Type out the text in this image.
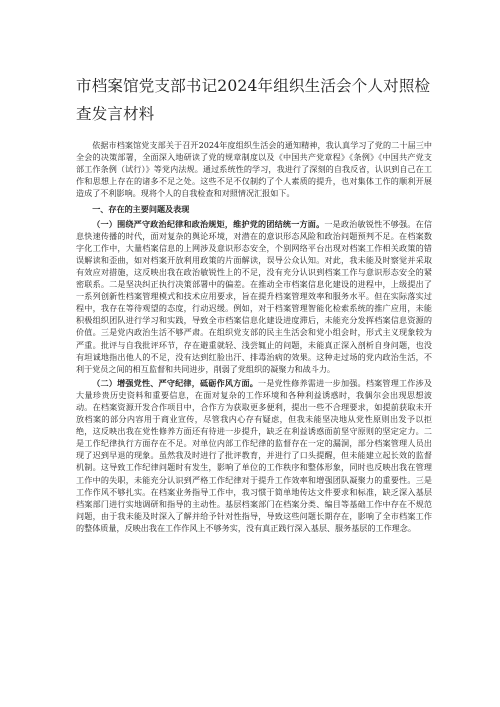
市档案馆党支部书记2024年组织生活会个人对照检查发言材料

依据市档案馆党支部关于召开2024年度组织生活会的通知精神，我认真学习了党的二十届三中全会的决策部署，全面深入地研读了党的规章制度以及《中国共产党章程》《条例》《中国共产党支部工作条例（试行）》等党内法规。通过系统性的学习，我进行了深刻的自我反省，认识到自己在工作和思想上存在的诸多不足之处。这些不足不仅制约了个人素质的提升，也对集体工作的顺利开展造成了不利影响。现将个人的自我检查和对照情况汇报如下。

一、存在的主要问题及表现

（一）围绕严守政治纪律和政治规矩，维护党的团结统一方面。一是政治敏锐性不够强。在信息快速传播的时代，面对复杂的舆论环境，对潜在的意识形态风险和政治问题预判不足。在档案数字化工作中，大量档案信息的上网涉及意识形态安全，个别网络平台出现对档案工作相关政策的错误解读和歪曲，如对档案开放利用政策的片面解读，误导公众认知。对此，我未能及时察觉并采取有效应对措施，这反映出我在政治敏锐性上的不足，没有充分认识到档案工作与意识形态安全的紧密联系。二是坚决纠正执行决策部署中的偏差。在推动全市档案信息化建设的进程中，上级提出了一系列创新性档案管理模式和技术应用要求，旨在提升档案管理效率和服务水平。但在实际落实过程中，我存在等待观望的态度，行动迟缓。例如，对于档案管理智能化检索系统的推广应用，未能积极组织团队进行学习和实践，导致全市档案信息化建设进度滞后，未能充分发挥档案信息资源的价值。三是党内政治生活不够严肃。在组织党支部的民主生活会和党小组会时，形式主义现象较为严重。批评与自我批评环节，存在避重就轻、浅尝辄止的问题，未能真正深入剖析自身问题，也没有坦诚地指出他人的不足，没有达到红脸出汗、排毒治病的效果。这种走过场的党内政治生活，不利于党员之间的相互监督和共同进步，削弱了党组织的凝聚力和战斗力。

（二）增强党性、严守纪律，砥砺作风方面。一是党性修养需进一步加强。档案管理工作涉及大量珍贵历史资料和重要信息，在面对复杂的工作环境和各种利益诱惑时，我偶尔会出现思想波动。在档案资源开发合作项目中，合作方为获取更多便利，提出一些不合理要求，如提前获取未开放档案的部分内容用于商业宣传，尽管我内心存有疑虑，但我未能坚决地从党性原则出发予以拒绝，这反映出我在党性修养方面还有待进一步提升，缺乏在利益诱惑面前坚守原则的坚定定力。二是工作纪律执行方面存在不足。对单位内部工作纪律的监督存在一定的漏洞，部分档案管理人员出现了迟到早退的现象。虽然我及时进行了批评教育，并进行了口头提醒，但未能建立起长效的监督机制。这导致工作纪律问题时有发生，影响了单位的工作秩序和整体形象，同时也反映出我在管理工作中的失职，未能充分认识到严格工作纪律对于提升工作效率和增强团队凝聚力的重要性。三是工作作风不够扎实。在档案业务指导工作中，我习惯于简单地传达文件要求和标准，缺乏深入基层档案部门进行实地调研和指导的主动性。基层档案部门在档案分类、编目等基础工作中存在不规范问题，由于我未能及时深入了解并给予针对性指导，导致这些问题长期存在，影响了全市档案工作的整体质量，反映出我在工作作风上不够务实，没有真正践行深入基层、服务基层的工作理念。
